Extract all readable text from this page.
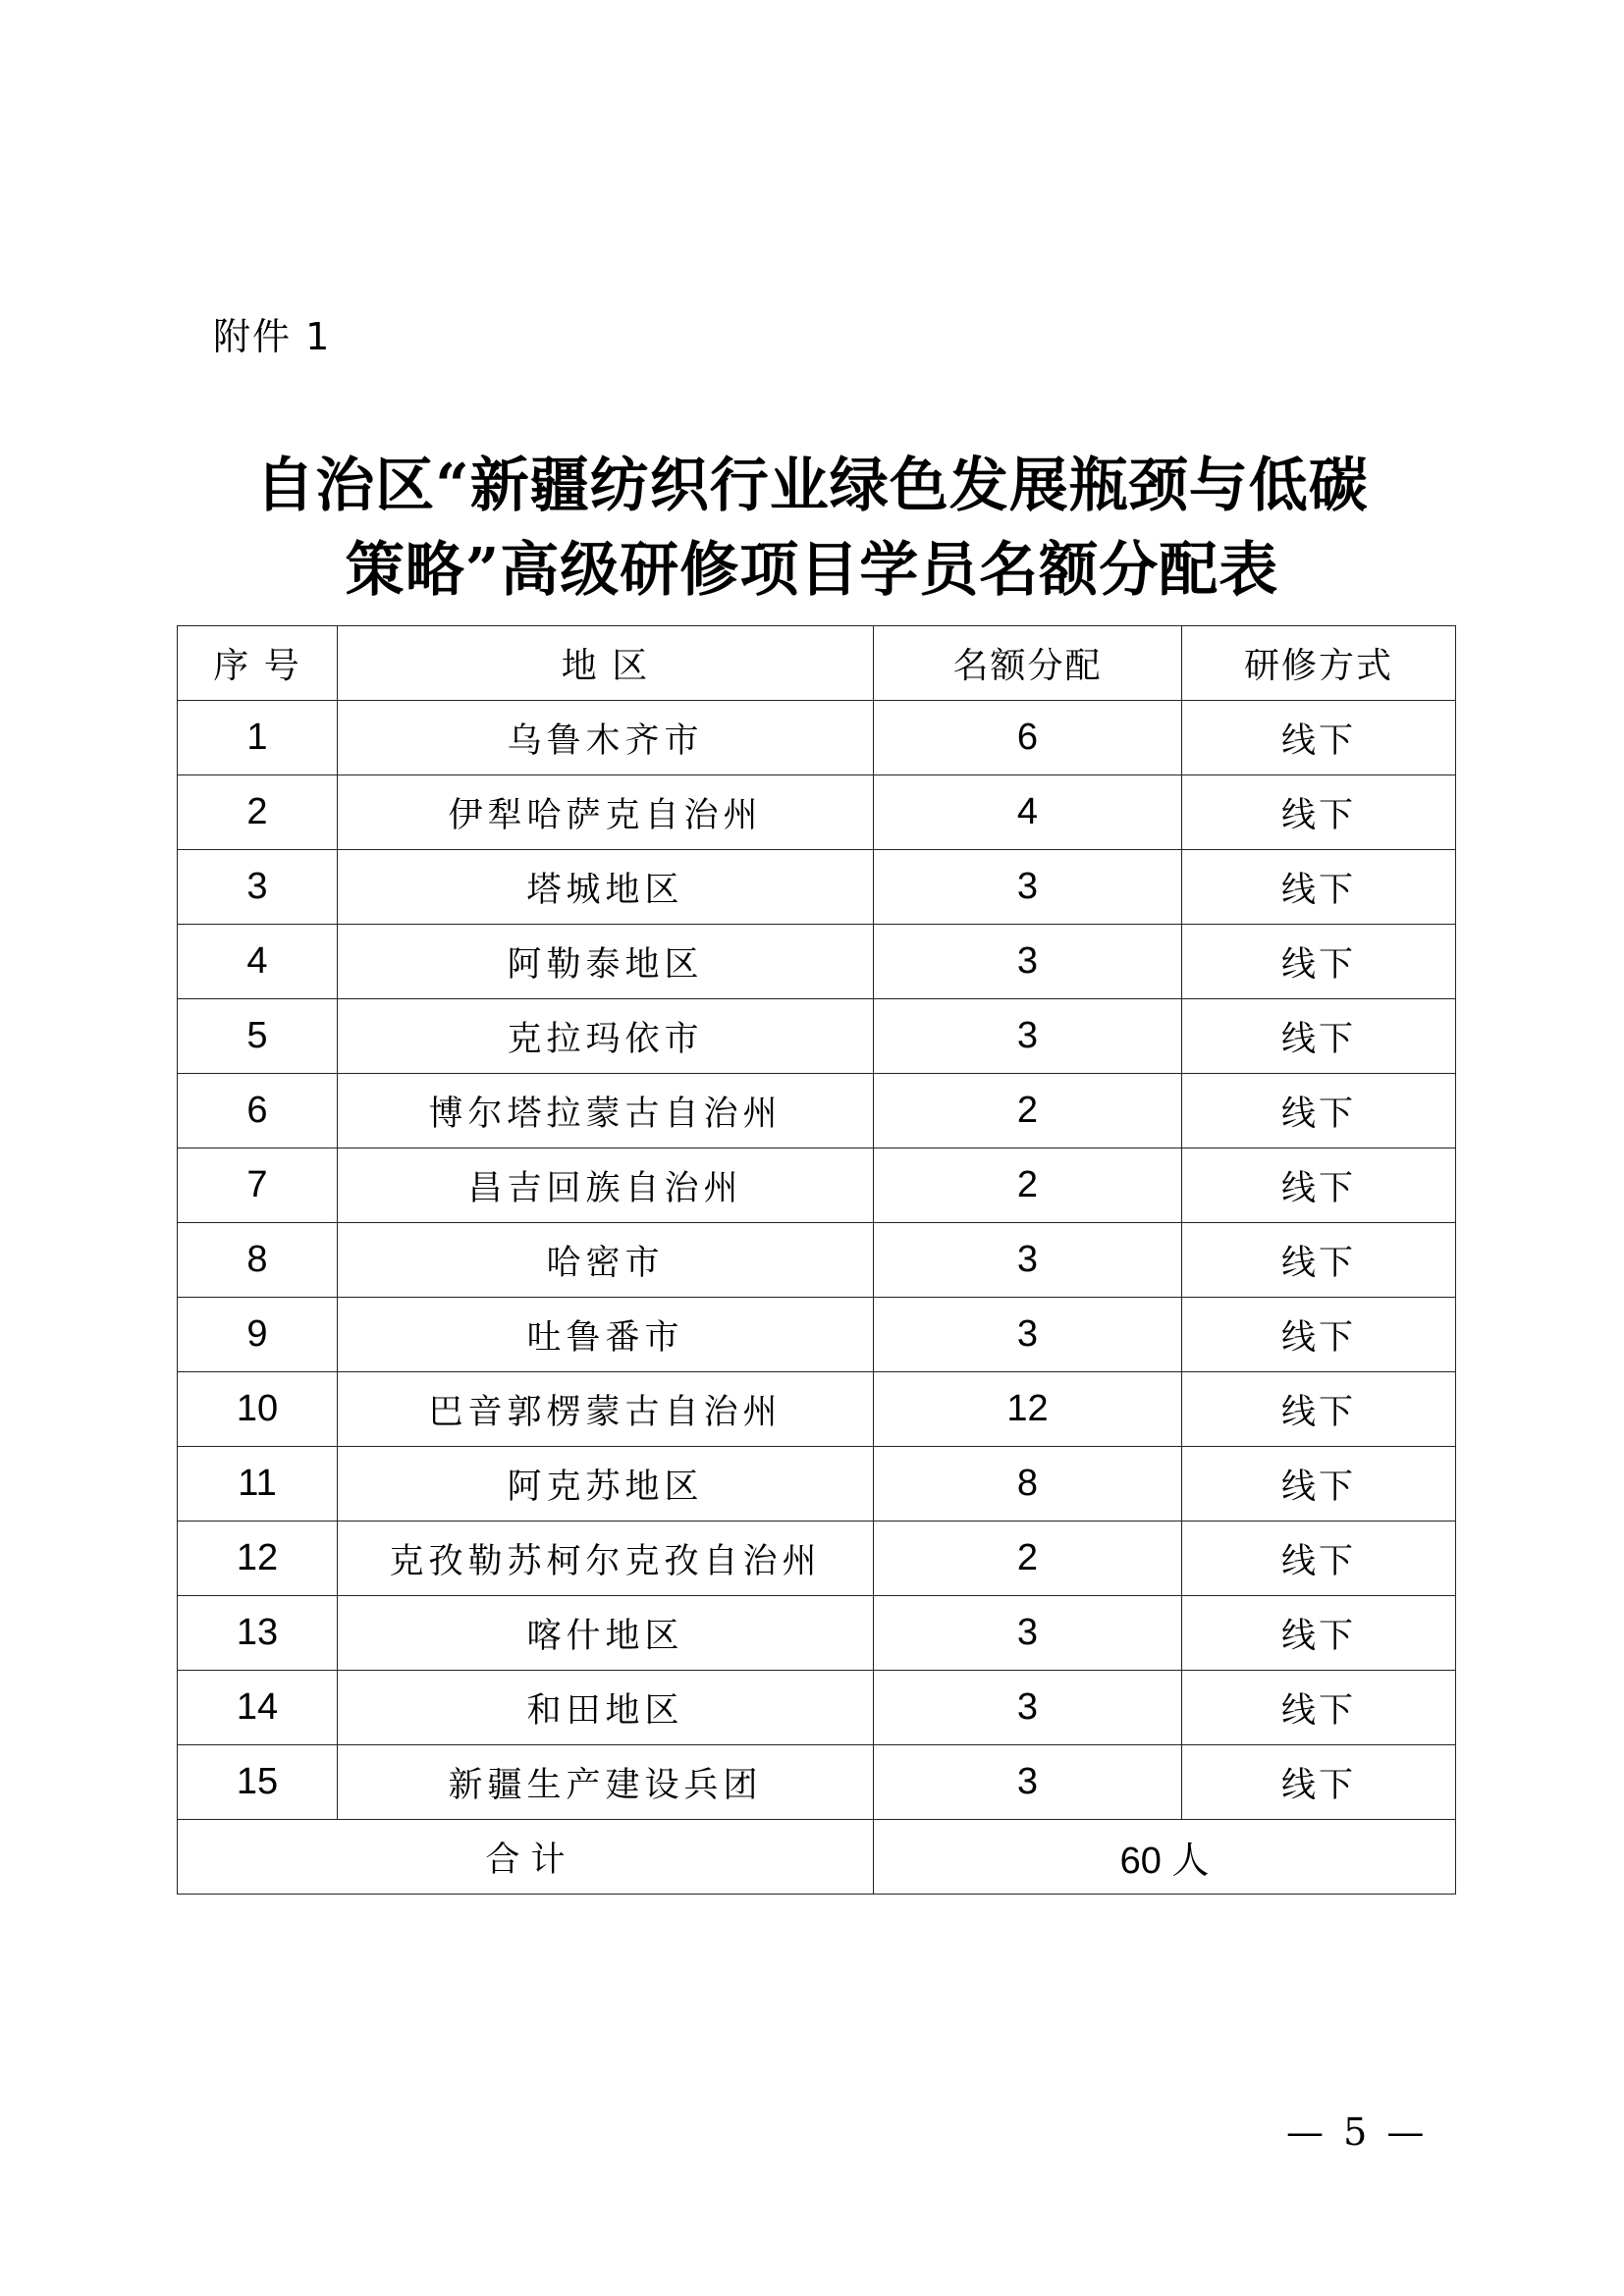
附件 1
自治区“新疆纺织行业绿色发展瓶颈与低碳
策略”高级研修项目学员名额分配表
序 号	地 区	名额分配	研修方式
1	乌鲁木齐市	6	线下
2	伊犁哈萨克自治州	4	线下
3	塔城地区	3	线下
4	阿勒泰地区	3	线下
5	克拉玛依市	3	线下
6	博尔塔拉蒙古自治州	2	线下
7	昌吉回族自治州	2	线下
8	哈密市	3	线下
9	吐鲁番市	3	线下
10	巴音郭楞蒙古自治州	12	线下
11	阿克苏地区	8	线下
12	克孜勒苏柯尔克孜自治州	2	线下
13	喀什地区	3	线下
14	和田地区	3	线下
15	新疆生产建设兵团	3	线下
合 计		60 人	
— 5 —
